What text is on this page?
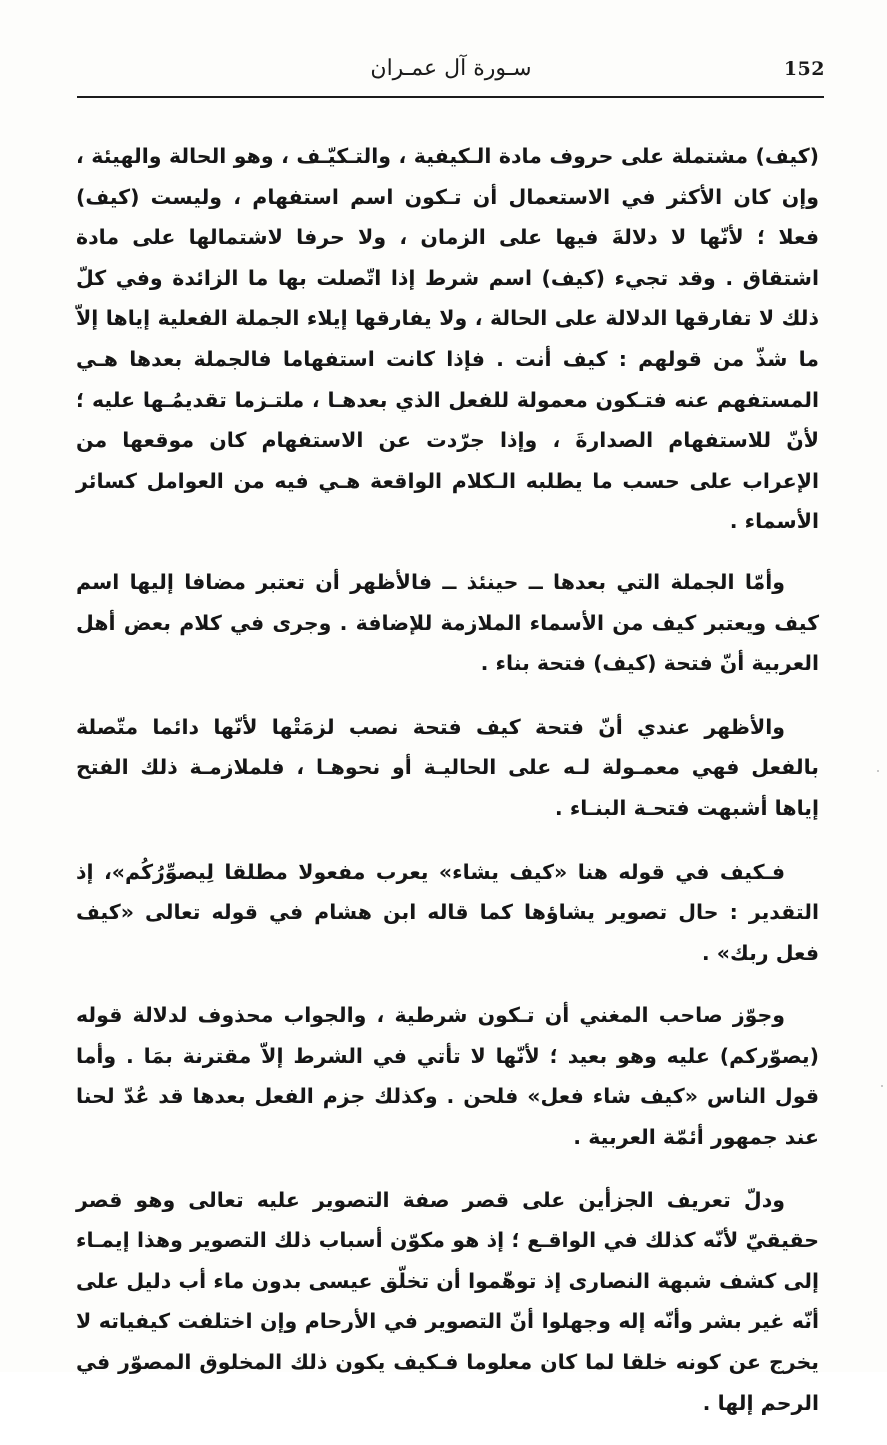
152
سـورة آل عمـران

(كيف) مشتملة على حروف مادة الـكيفية ، والتـكيّـف ، وهو الحالة والهيئة ، وإن كان الأكثر في الاستعمال أن تـكون اسم استفهام ، وليست (كيف) فعلا ؛ لأنّها لا دلالةَ فيها على الزمان ، ولا حرفا لاشتمالها على مادة اشتقاق . وقد تجيء (كيف) اسم شرط إذا اتّصلت بها ما الزائدة وفي كلّ ذلك لا تفارقها الدلالة على الحالة ، ولا يفارقها إيلاء الجملة الفعلية إياها إلاّ ما شذّ من قولهم : كيف أنت . فإذا كانت استفهاما فالجملة بعدها هـي المستفهم عنه فتـكون معمولة للفعل الذي بعدهـا ، ملتـزما تقديمُـها عليه ؛ لأنّ للاستفهام الصدارةَ ، وإذا جرّدت عن الاستفهام كان موقعها من الإعراب على حسب ما يطلبه الـكلام الواقعة هـي فيه من العوامل كسائر الأسماء .

وأمّا الجملة التي بعدها ــ حينئذ ــ فالأظهر أن تعتبر مضافا إليها اسم كيف ويعتبر كيف من الأسماء الملازمة للإضافة . وجرى في كلام بعض أهل العربية أنّ فتحة (كيف) فتحة بناء .

والأظهر عندي أنّ فتحة كيف فتحة نصب لزمَتْها لأنّها دائما متّصلة بالفعل فهي معمـولة لـه على الحاليـة أو نحوهـا ، فلملازمـة ذلك الفتح إياها أشبهت فتحـة البنـاء .

فـكيف في قوله هنا «كيف يشاء» يعرب مفعولا مطلقا لِيصوِّرُكُم»، إذ التقدير : حال تصوير يشاؤها كما قاله ابن هشام في قوله تعالى «كيف فعل ربك» .

وجوّز صاحب المغني أن تـكون شرطية ، والجواب محذوف لدلالة قوله (يصوّركم) عليه وهو بعيد ؛ لأنّها لا تأتي في الشرط إلاّ مقترنة بمَا . وأما قول الناس «كيف شاء فعل» فلحن . وكذلك جزم الفعل بعدها قد عُدّ لحنا عند جمهور أئمّة العربية .

ودلّ تعريف الجزأين على قصر صفة التصوير عليه تعالى وهو قصر حقيقيّ لأنّه كذلك في الواقـع ؛ إذ هو مكوّن أسباب ذلك التصوير وهذا إيمـاء إلى كشف شبهة النصارى إذ توهّموا أن تخلّق عيسى بدون ماء أب دليل على أنّه غير بشر وأنّه إله وجهلوا أنّ التصوير في الأرحام وإن اختلفت كيفياته لا يخرج عن كونه خلقا لما كان معلوما فـكيف يكون ذلك المخلوق المصوّر في الرحم إلها .
